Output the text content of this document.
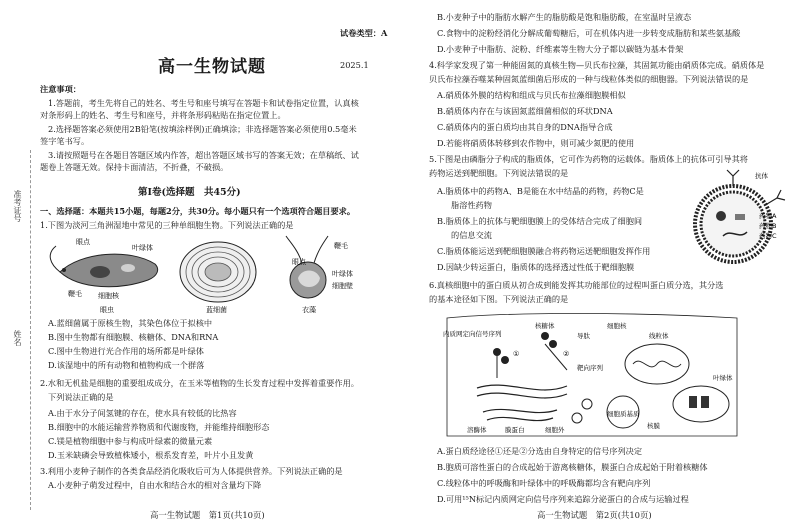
试卷类型：A
高一生物试题	2025.1
注意事项：
1.答题前，考生先将自己的姓名、考生号和座号填写在答题卡和试卷指定位置，认真核
对条形码上的姓名、考生号和座号，并将条形码粘贴在指定位置上。
2.选择题答案必须使用2B铅笔(按填涂样例)正确填涂；非选择题答案必须使用0.5毫米
签字笔书写。
3.请按照题号在各题目答题区域内作答，超出答题区域书写的答案无效；在草稿纸、试
题卷上答题无效。保持卡面清洁，不折叠，不破损。
准考证号
姓名
第Ⅰ卷(选择题　共45分)
一、选择题：本题共15小题，每题2分，共30分。每小题只有一个选项符合题目要求。
1.下图为淡河三角洲湿地中常见的三种单细胞生物。下列说法正确的是
眼点
叶绿体
鞭毛 细胞核
眼虫	蓝细菌
眼点
鞭毛
叶绿体
细胞壁
衣藻
A.蓝细菌属于原核生物，其染色体位于拟核中
B.图中生物都有细胞膜、核糖体、DNA和RNA
C.图中生物进行光合作用的场所都是叶绿体
D.该湿地中的所有动物和植物构成一个群落
2.水和无机盐是细胞的重要组成成分，在玉米等植物的生长发育过程中发挥着重要作用。
下列说法正确的是
A.由于水分子间氢键的存在，使水具有较低的比热容
B.细胞中的水能运输营养物质和代谢废物，并能维持细胞形态
C.镁是植物细胞中参与构成叶绿素的微量元素
D.玉米缺磷会导致植株矮小，根系发育差，叶片小且发黄
3.利用小麦种子制作的各类食品经消化吸收后可为人体提供营养。下列说法正确的是
A.小麦种子萌发过程中，自由水和结合水的相对含量均下降
高一生物试题　第1页(共10页)
B.小麦种子中的脂肪水解产生的脂肪酸是饱和脂肪酸，在室温时呈液态
C.食物中的淀粉经消化分解成葡萄糖后，可在机体内进一步转变成脂肪和某些氨基酸
D.小麦种子中脂肪、淀粉、纤维素等生物大分子都以碳链为基本骨架
4.科学家发现了第一种能固氮的真核生物—贝氏布拉藻，其固氮功能由硝质体完成。硝质体是
贝氏布拉藻吞噬某种固氮蓝细菌后形成的一种与线粒体类似的细胞器。下列说法错误的是
A.硝质体外膜的结构和组成与贝氏布拉藻细胞膜相似
B.硝质体内存在与该固氮蓝细菌相似的环状DNA
C.硝质体内的蛋白质均由其自身的DNA指导合成
D.若能将硝质体转移到农作物中，则可减少氮肥的使用
5.下图是由磷脂分子构成的脂质体，它可作为药物的运载体。脂质体上的抗体可引导其将
药物运送到靶细胞。下列说法错误的是
A.脂质体中的药物A、B是能在水中结晶的药物，药物C是
脂溶性药物
B.脂质体上的抗体与靶细胞膜上的受体结合完成了细胞间
的信息交流
C.脂质体能运送到靶细胞膜融合将药物运送靶细胞发挥作用
D.因缺少转运蛋白，脂质体的选择透过性低于靶细胞膜
抗体
药物A
药物B
药物C
6.真核细胞中的蛋白质从初合成到能发挥其功能部位的过程叫蛋白质分选，其分选
的基本途径如下图。下列说法正确的是
内质网定向信号序列
核糖体
①	②
导肽
靶向序列
细胞核
线粒体
叶绿体
膜蛋白	细胞外
溶酶体
细胞质基质
核膜
A.蛋白质经途径①还是②分选由自身特定的信号序列决定
B.胞质可溶性蛋白的合成起始于游离核糖体，膜蛋白合成起始于附着核糖体
C.线粒体中的呼吸酶和叶绿体中的呼吸酶都均含有靶向序列
D.可用¹⁵N标记内质网定向信号序列来追踪分泌蛋白的合成与运输过程
高一生物试题　第2页(共10页)
